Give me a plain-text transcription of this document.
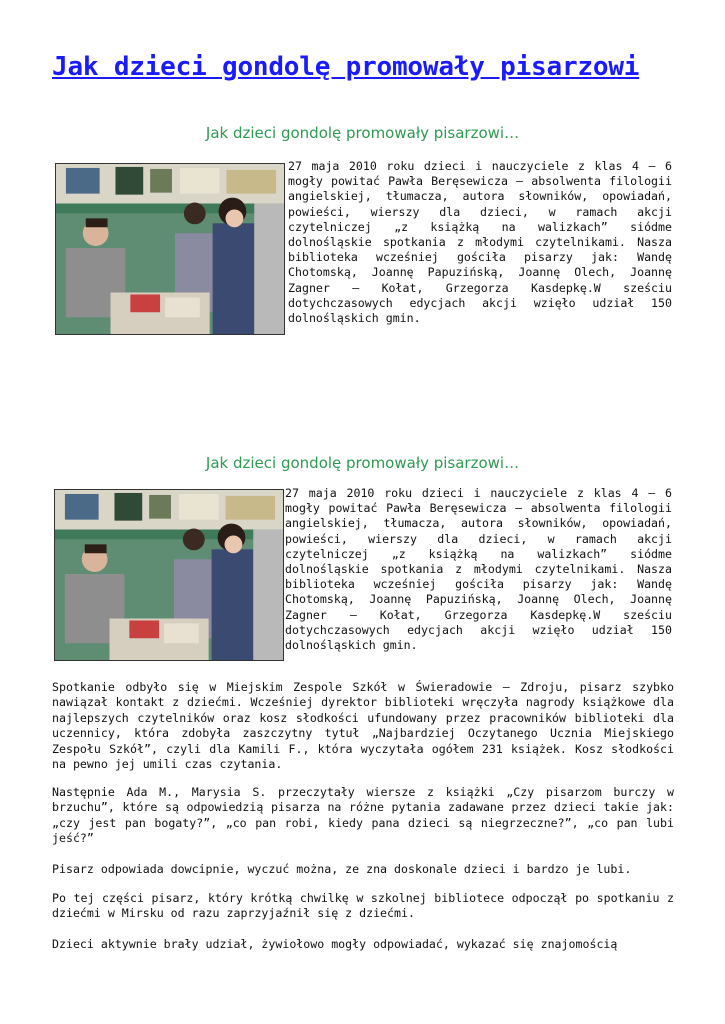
Jak dzieci gondolę promowały pisarzowi
Jak dzieci gondolę promowały pisarzowi…
27 maja 2010 roku dzieci i nauczyciele z klas 4 – 6 mogły powitać Pawła Beręsewicza – absolwenta filologii angielskiej, tłumacza, autora słowników, opowiadań, powieści, wierszy dla dzieci, w ramach akcji czytelniczej „z książką na walizkach” siódme dolnośląskie spotkania z młodymi czytelnikami. Nasza biblioteka wcześniej gościła pisarzy jak: Wandę Chotomską, Joannę Papuzińską, Joannę Olech, Joannę Zagner – Kołat, Grzegorza Kasdepkę.W sześciu dotychczasowych edycjach akcji wzięło udział 150 dolnośląskich gmin.
Jak dzieci gondolę promowały pisarzowi…
27 maja 2010 roku dzieci i nauczyciele z klas 4 – 6 mogły powitać Pawła Beręsewicza – absolwenta filologii angielskiej, tłumacza, autora słowników, opowiadań, powieści, wierszy dla dzieci, w ramach akcji czytelniczej „z książką na walizkach” siódme dolnośląskie spotkania z młodymi czytelnikami. Nasza biblioteka wcześniej gościła pisarzy jak: Wandę Chotomską, Joannę Papuzińską, Joannę Olech, Joannę Zagner – Kołat, Grzegorza Kasdepkę.W sześciu dotychczasowych edycjach akcji wzięło udział 150 dolnośląskich gmin.
Spotkanie odbyło się w Miejskim Zespole Szkół w Świeradowie – Zdroju, pisarz szybko nawiązał kontakt z dziećmi. Wcześniej dyrektor biblioteki wręczyła nagrody książkowe dla najlepszych czytelników oraz kosz słodkości ufundowany przez pracowników biblioteki dla uczennicy, która zdobyła zaszczytny tytuł „Najbardziej Oczytanego Ucznia Miejskiego Zespołu Szkół”, czyli dla Kamili F., która wyczytała ogółem 231 książek. Kosz słodkości na pewno jej umili czas czytania.
Następnie Ada M., Marysia S. przeczytały wiersze z książki „Czy pisarzom burczy w brzuchu”, które są odpowiedzią pisarza na różne pytania zadawane przez dzieci takie jak: „czy jest pan bogaty?”, „co pan robi, kiedy pana dzieci są niegrzeczne?”, „co pan lubi jeść?”
Pisarz odpowiada dowcipnie, wyczuć można, ze zna doskonale dzieci i bardzo je lubi.
Po tej części pisarz, który krótką chwilkę w szkolnej bibliotece odpoczął po spotkaniu z dziećmi w Mirsku od razu zaprzyjaźnił się z dziećmi.
Dzieci aktywnie brały udział, żywiołowo mogły odpowiadać, wykazać się znajomością
